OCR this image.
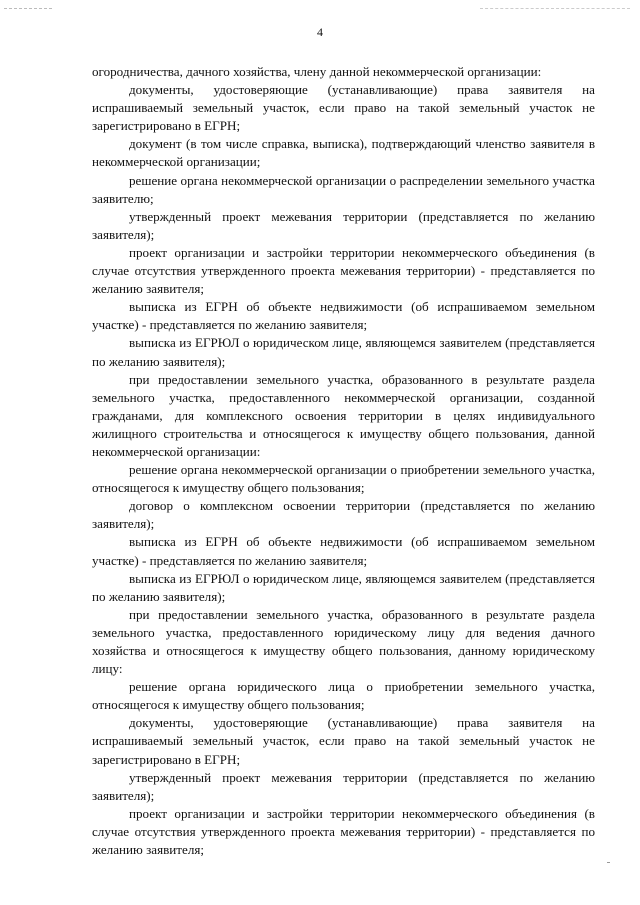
4

огородничества, дачного хозяйства, члену данной некоммерческой организации:

документы, удостоверяющие (устанавливающие) права заявителя на испрашиваемый земельный участок, если право на такой земельный участок не зарегистрировано в ЕГРН;

документ (в том числе справка, выписка), подтверждающий членство заявителя в некоммерческой организации;

решение органа некоммерческой организации о распределении земельного участка заявителю;

утвержденный проект межевания территории (представляется по желанию заявителя);

проект организации и застройки территории некоммерческого объединения (в случае отсутствия утвержденного проекта межевания территории) - представляется по желанию заявителя;

выписка из ЕГРН об объекте недвижимости (об испрашиваемом земельном участке) - представляется по желанию заявителя;

выписка из ЕГРЮЛ о юридическом лице, являющемся заявителем (представляется по желанию заявителя);

при предоставлении земельного участка, образованного в результате раздела земельного участка, предоставленного некоммерческой организации, созданной гражданами, для комплексного освоения территории в целях индивидуального жилищного строительства и относящегося к имуществу общего пользования, данной некоммерческой организации:

решение органа некоммерческой организации о приобретении земельного участка, относящегося к имуществу общего пользования;

договор о комплексном освоении территории (представляется по желанию заявителя);

выписка из ЕГРН об объекте недвижимости (об испрашиваемом земельном участке) - представляется по желанию заявителя;

выписка из ЕГРЮЛ о юридическом лице, являющемся заявителем (представляется по желанию заявителя);

при предоставлении земельного участка, образованного в результате раздела земельного участка, предоставленного юридическому лицу для ведения дачного хозяйства и относящегося к имуществу общего пользования, данному юридическому лицу:

решение органа юридического лица о приобретении земельного участка, относящегося к имуществу общего пользования;

документы, удостоверяющие (устанавливающие) права заявителя на испрашиваемый земельный участок, если право на такой земельный участок не зарегистрировано в ЕГРН;

утвержденный проект межевания территории (представляется по желанию заявителя);

проект организации и застройки территории некоммерческого объединения (в случае отсутствия утвержденного проекта межевания территории) - представляется по желанию заявителя;
